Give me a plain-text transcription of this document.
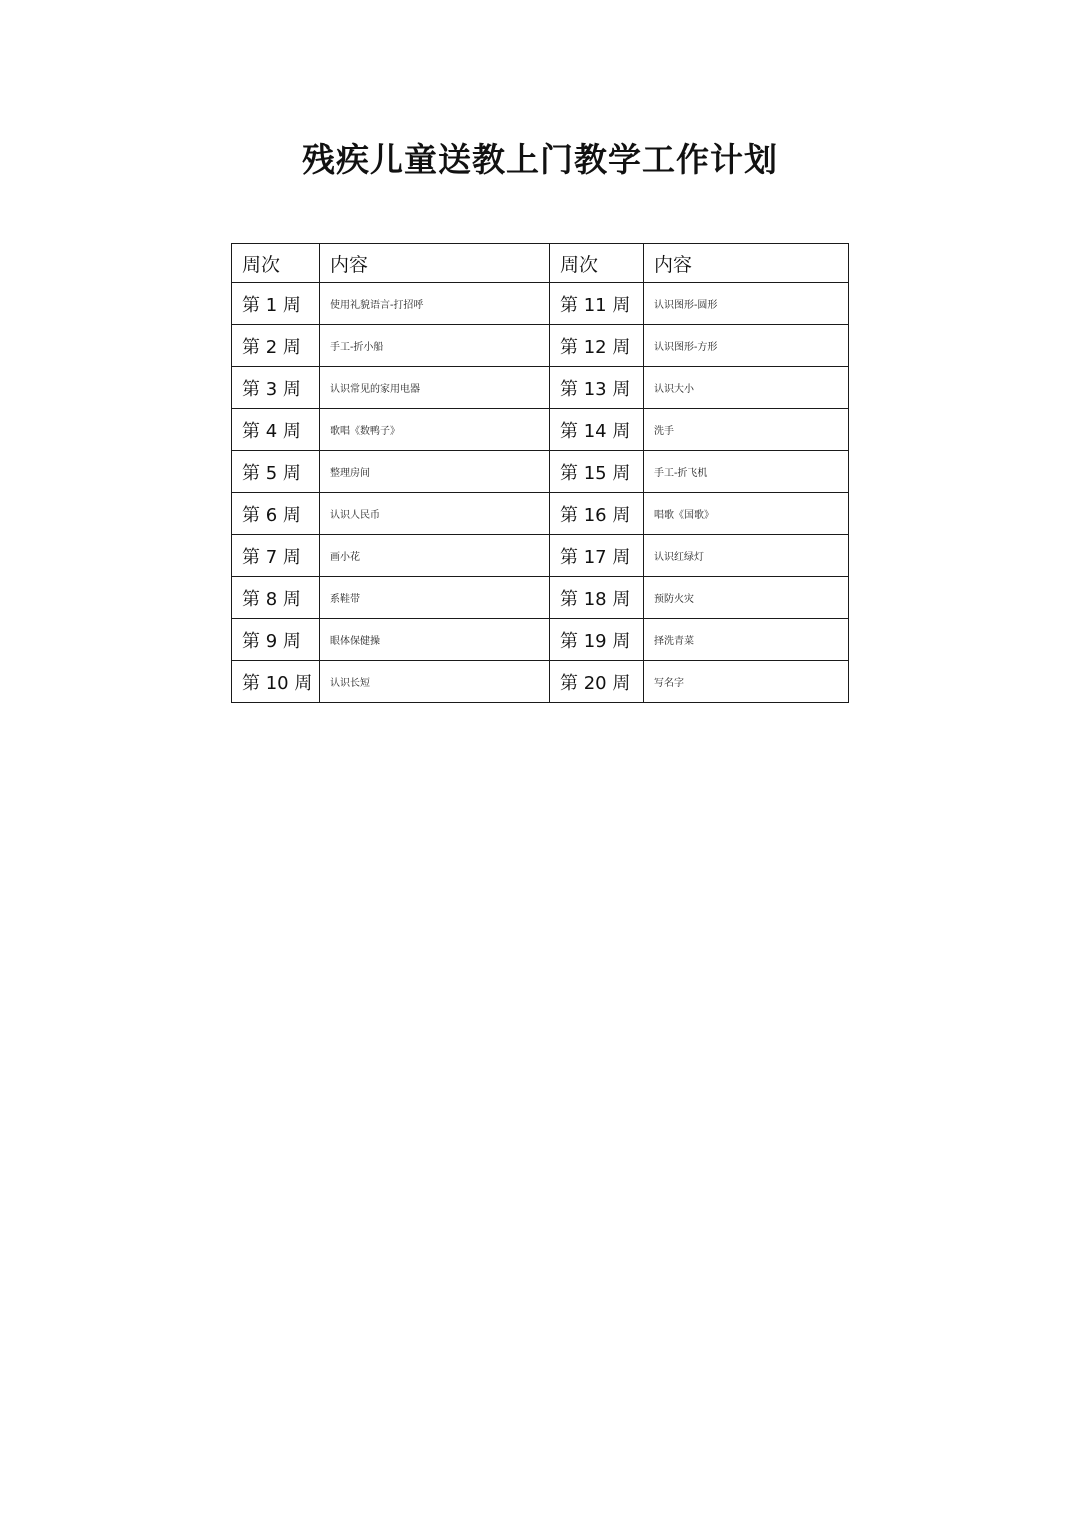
残疾儿童送教上门教学工作计划
周次	内容	周次	内容
第 1 周	使用礼貌语言-打招呼	第 11 周	认识图形-圆形
第 2 周	手工-折小船	第 12 周	认识图形-方形
第 3 周	认识常见的家用电器	第 13 周	认识大小
第 4 周	歌唱《数鸭子》	第 14 周	洗手
第 5 周	整理房间	第 15 周	手工-折飞机
第 6 周	认识人民币	第 16 周	唱歌《国歌》
第 7 周	画小花	第 17 周	认识红绿灯
第 8 周	系鞋带	第 18 周	预防火灾
第 9 周	眼体保健操	第 19 周	择洗青菜
第 10 周	认识长短	第 20 周	写名字
